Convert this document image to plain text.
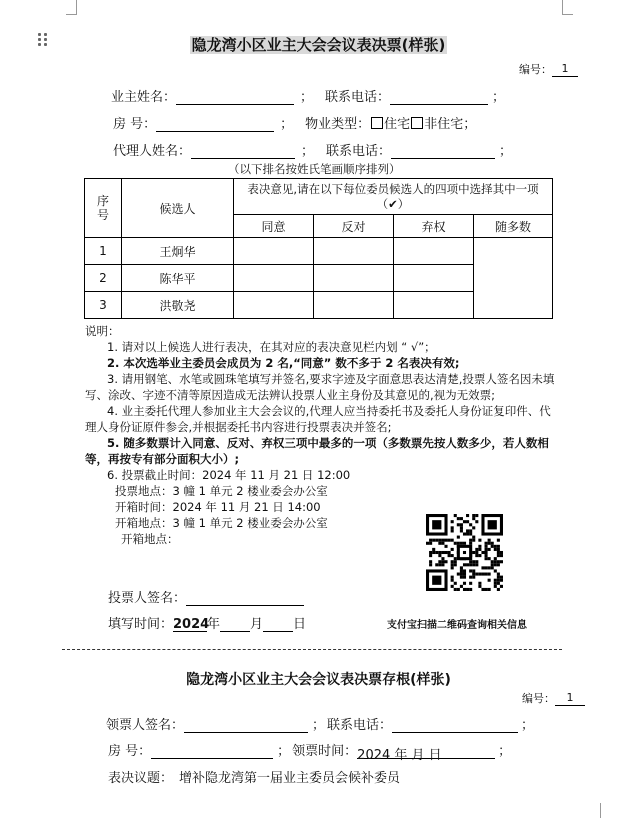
隐龙湾小区业主大会会议表决票(样张)
编号： 1
业主姓名：	； 联系电话：	；
房 号：	； 物业类型： 住宅 非住宅；
代理人姓名：	； 联系电话：	；
（以下排名按姓氏笔画顺序排列）
序号	候选人	表决意见,请在以下每位委员候选人的四项中选择其中一项（✔）			

		同意	反对	弃权	随多数
1	王炯华				
2	陈华平				
3	洪敬尧				
说明：
1. 请对以上候选人进行表决，在其对应的表决意见栏内划 “ √”；
2. 本次选举业主委员会成员为 2 名,“同意” 数不多于 2 名表决有效;
3. 请用钢笔、水笔或圆珠笔填写并签名,要求字迹及字面意思表达清楚,投票人签名因未填写、涂改、字迹不清等原因造成无法辨认投票人业主身份及其意见的,视为无效票;
4. 业主委托代理人参加业主大会会议的,代理人应当持委托书及委托人身份证复印件、代理人身份证原件参会,并根据委托书内容进行投票表决并签名;
5. 随多数票计入同意、反对、弃权三项中最多的一项（多数票先按人数多少，若人数相等，再按专有部分面积大小）;
6. 投票截止时间：2024 年 11 月 21 日 12:00
投票地点：3 幢 1 单元 2 楼业委会办公室
开箱时间：2024 年 11 月 21 日 14:00
开箱地点：3 幢 1 单元 2 楼业委会办公室
开箱地点：
投票人签名：
填写时间：2024年 月 日	支付宝扫描二维码查询相关信息
隐龙湾小区业主大会会议表决票存根(样张)
编号： 1
领票人签名：	； 联系电话：	；
房 号：	； 领票时间：2024 年 月 日	；
表决议题： 增补隐龙湾第一届业主委员会候补委员
